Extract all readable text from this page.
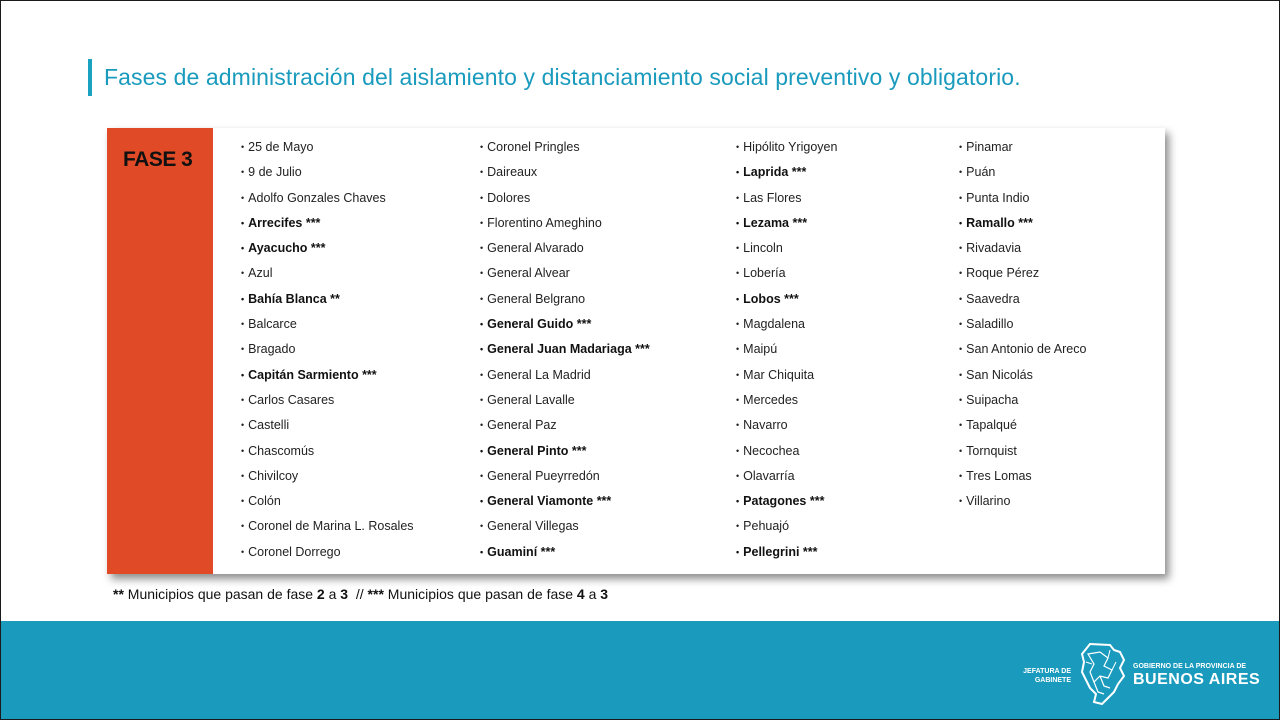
Fases de administración del aislamiento y distanciamiento social preventivo y obligatorio.
FASE 3
• 25 de Mayo
• 9 de Julio
• Adolfo Gonzales Chaves
• Arrecifes ***
• Ayacucho ***
• Azul
• Bahía Blanca **
• Balcarce
• Bragado
• Capitán Sarmiento ***
• Carlos Casares
• Castelli
• Chascomús
• Chivilcoy
• Colón
• Coronel de Marina L. Rosales
• Coronel Dorrego
• Coronel Pringles
• Daireaux
• Dolores
• Florentino Ameghino
• General Alvarado
• General Alvear
• General Belgrano
• General Guido ***
• General Juan Madariaga ***
• General La Madrid
• General Lavalle
• General Paz
• General Pinto ***
• General Pueyrredón
• General Viamonte ***
• General Villegas
• Guaminí ***
• Hipólito Yrigoyen
• Laprida ***
• Las Flores
• Lezama ***
• Lincoln
• Lobería
• Lobos ***
• Magdalena
• Maipú
• Mar Chiquita
• Mercedes
• Navarro
• Necochea
• Olavarría
• Patagones ***
• Pehuajó
• Pellegrini ***
• Pinamar
• Puán
• Punta Indio
• Ramallo ***
• Rivadavia
• Roque Pérez
• Saavedra
• Saladillo
• San Antonio de Areco
• San Nicolás
• Suipacha
• Tapalqué
• Tornquist
• Tres Lomas
• Villarino
** Municipios que pasan de fase 2 a 3  // *** Municipios que pasan de fase 4 a 3
JEFATURA DE
GABINETE
GOBIERNO DE LA PROVINCIA DE
BUENOS AIRES
